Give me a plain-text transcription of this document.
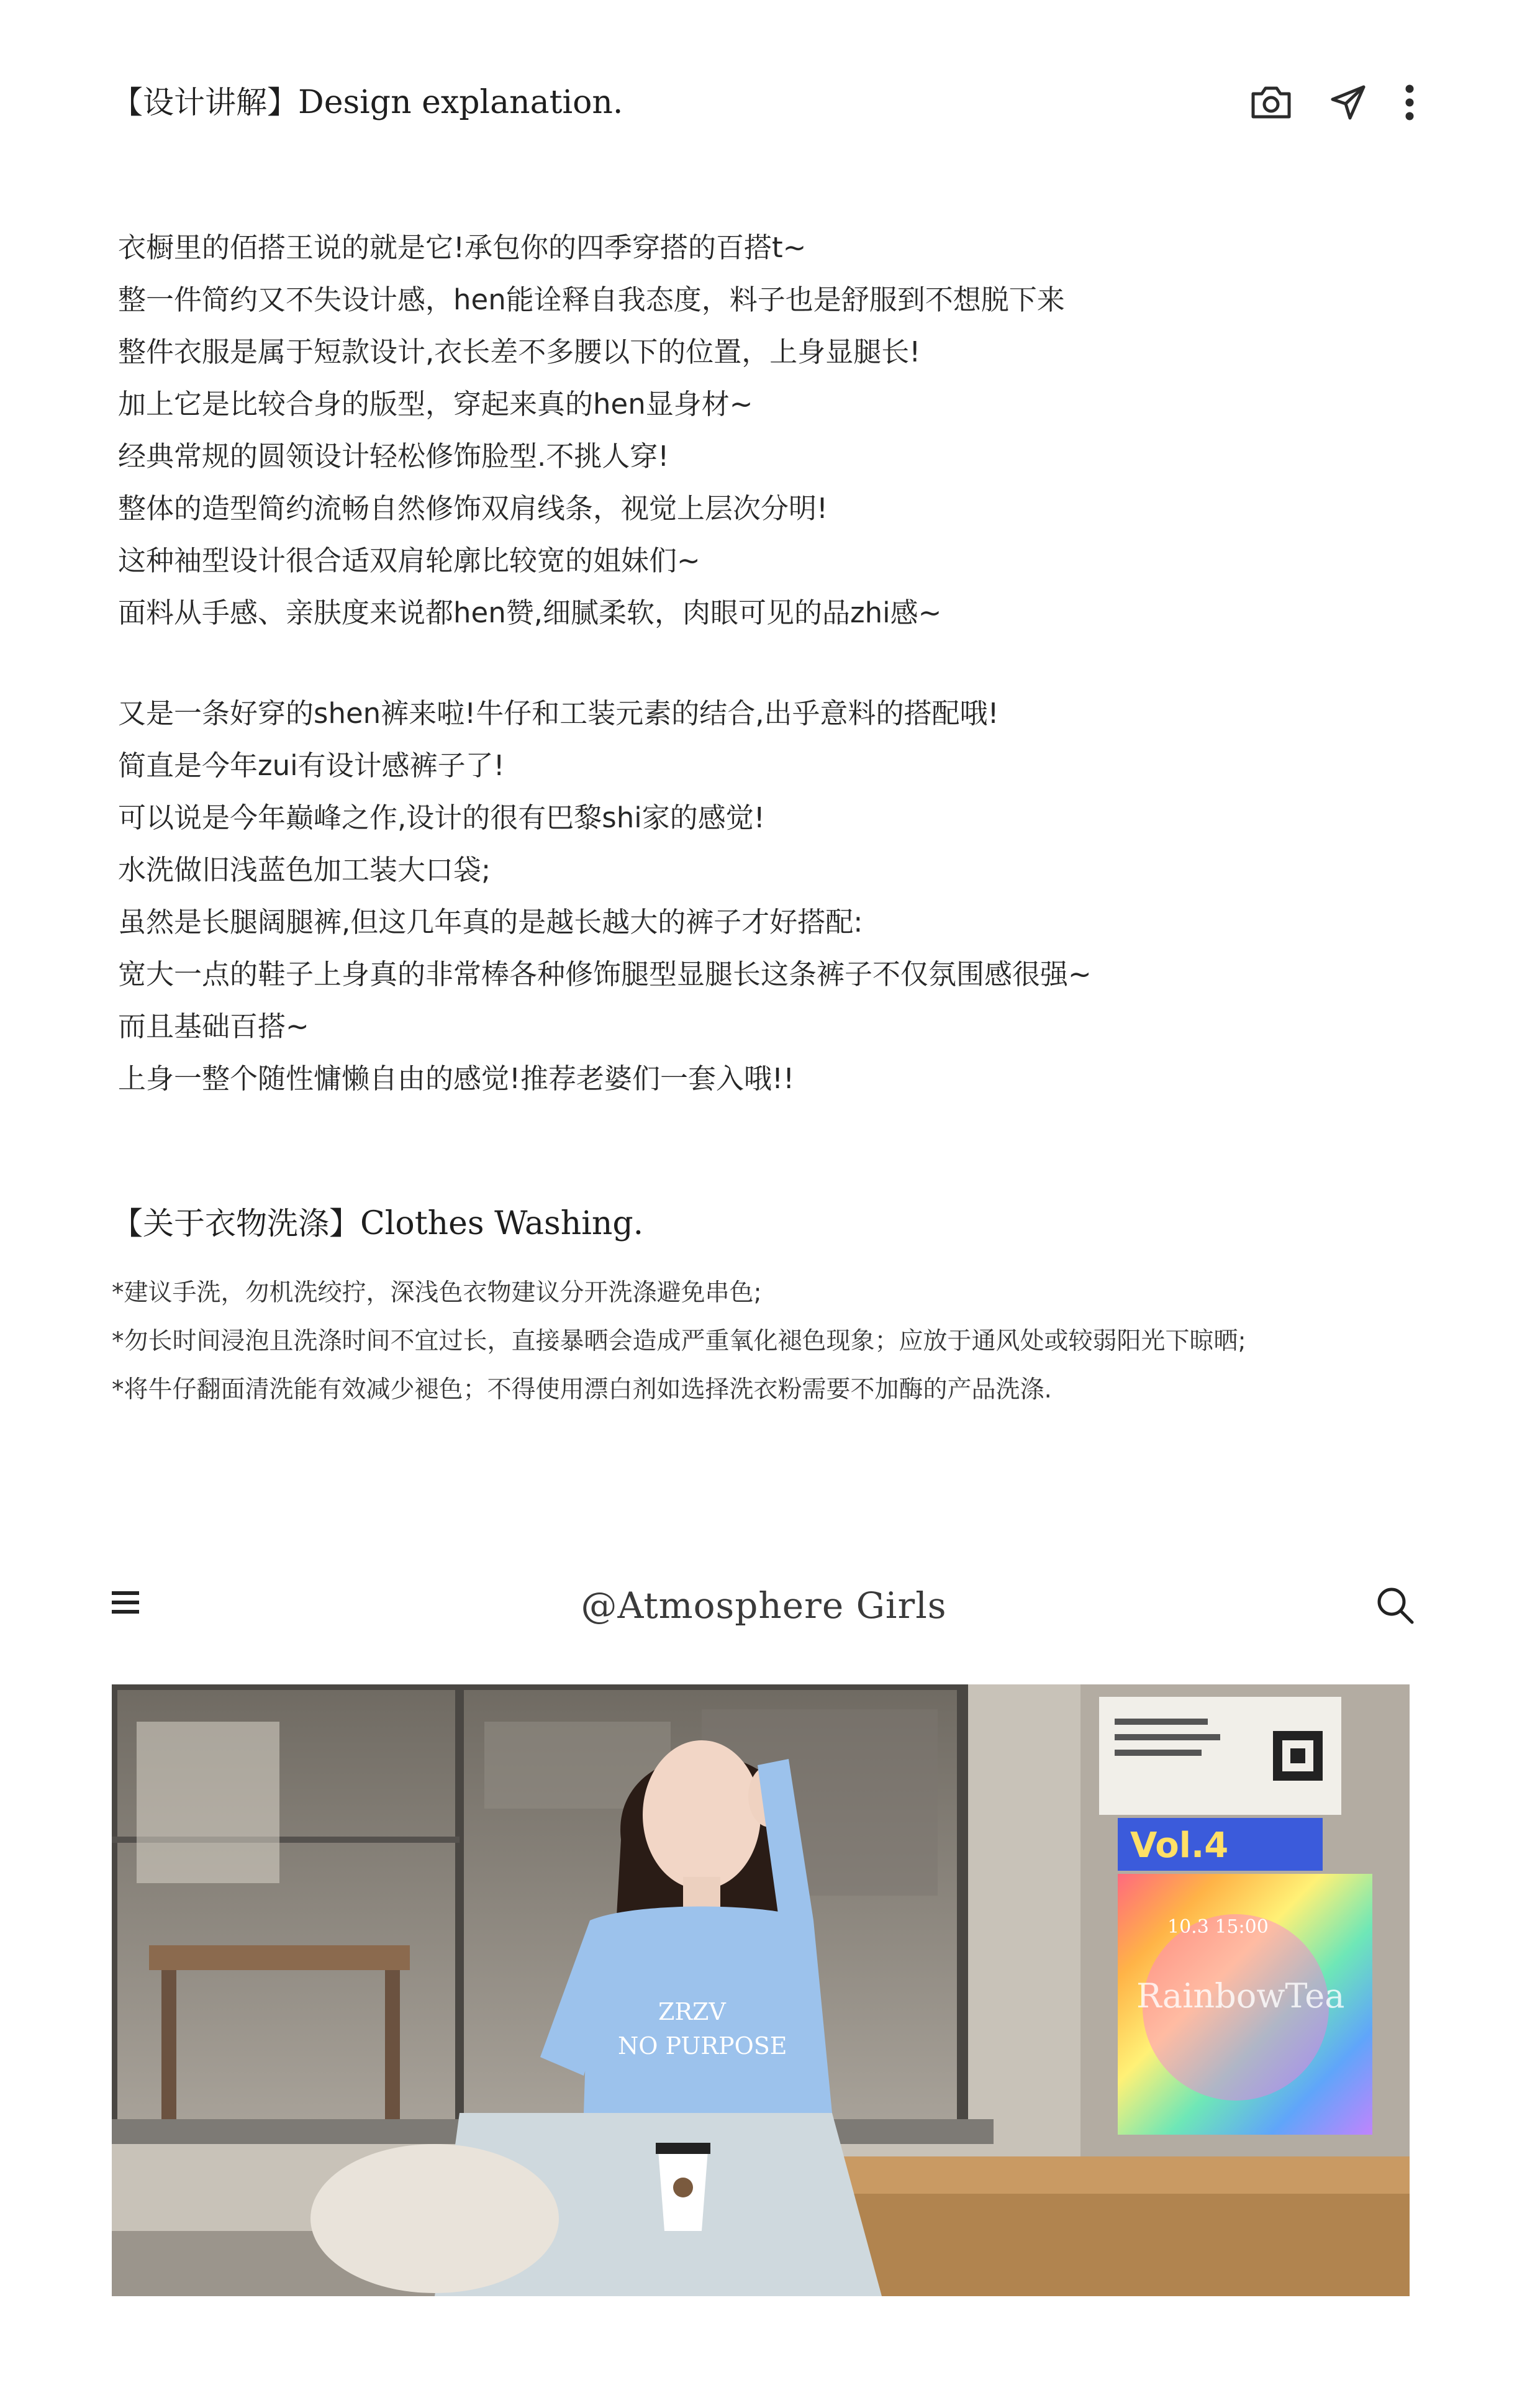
【设计讲解】Design explanation.
衣橱里的佰搭王说的就是它!承包你的四季穿搭的百搭t~
整一件简约又不失设计感，hen能诠释自我态度，料子也是舒服到不想脱下来
整件衣服是属于短款设计,衣长差不多腰以下的位置，上身显腿长!
加上它是比较合身的版型，穿起来真的hen显身材~
经典常规的圆领设计轻松修饰脸型.不挑人穿!
整体的造型简约流畅自然修饰双肩线条，视觉上层次分明!
这种袖型设计很合适双肩轮廓比较宽的姐妹们~
面料从手感、亲肤度来说都hen赞,细腻柔软，肉眼可见的品zhi感~
又是一条好穿的shen裤来啦!牛仔和工装元素的结合,出乎意料的搭配哦!
简直是今年zui有设计感裤子了!
可以说是今年巅峰之作,设计的很有巴黎shi家的感觉!
水洗做旧浅蓝色加工装大口袋;
虽然是长腿阔腿裤,但这几年真的是越长越大的裤子才好搭配:
宽大一点的鞋子上身真的非常棒各种修饰腿型显腿长这条裤子不仅氛围感很强~
而且基础百搭~
上身一整个随性慵懒自由的感觉!推荐老婆们一套入哦!!
【关于衣物洗涤】Clothes Washing.
*建议手洗，勿机洗绞拧，深浅色衣物建议分开洗涤避免串色;
*勿长时间浸泡且洗涤时间不宜过长，直接暴晒会造成严重氧化褪色现象；应放于通风处或较弱阳光下晾晒;
*将牛仔翻面清洗能有效减少褪色；不得使用漂白剂如选择洗衣粉需要不加酶的产品洗涤.
@Atmosphere Girls
Vol.4
10.3 15:00
RainbowTea
ZRZV
NO PURPOSE
